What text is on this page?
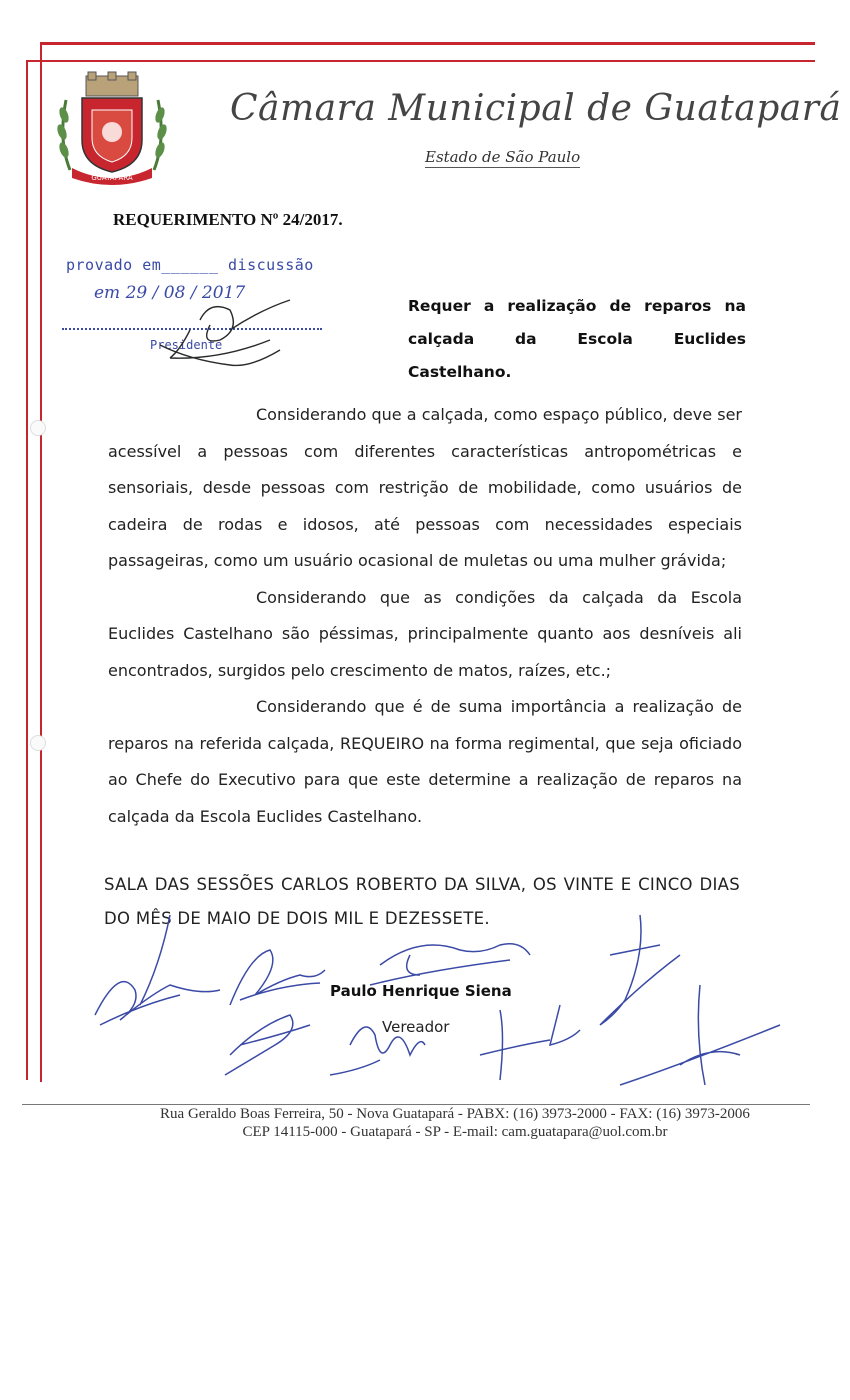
GUATAPARÁ
Câmara Municipal de Guatapará
Estado de São Paulo
REQUERIMENTO Nº 24/2017.
provado em______ discussão
em 29 / 08 / 2017
Presidente
Requer a realização de reparos na
calçada da Escola Euclides Castelhano.

Considerando que a calçada, como espaço público, deve ser acessível a pessoas com diferentes características antropométricas e sensoriais, desde pessoas com restrição de mobilidade, como usuários de cadeira de rodas e idosos, até pessoas com necessidades especiais passageiras, como um usuário ocasional de muletas ou uma mulher grávida;

Considerando que as condições da calçada da Escola Euclides Castelhano são péssimas, principalmente quanto aos desníveis ali encontrados, surgidos pelo crescimento de matos, raízes, etc.;

Considerando que é de suma importância a realização de reparos na referida calçada, REQUEIRO na forma regimental, que seja oficiado ao Chefe do Executivo para que este determine a realização de reparos na calçada da Escola Euclides Castelhano.

SALA DAS SESSÕES CARLOS ROBERTO DA SILVA, OS VINTE E CINCO DIAS DO MÊS DE MAIO DE DOIS MIL E DEZESSETE.
Paulo Henrique Siena
Vereador
Rua Geraldo Boas Ferreira, 50 - Nova Guatapará - PABX: (16) 3973-2000 - FAX: (16) 3973-2006
CEP 14115-000 - Guatapará - SP - E-mail: cam.guatapara@uol.com.br
